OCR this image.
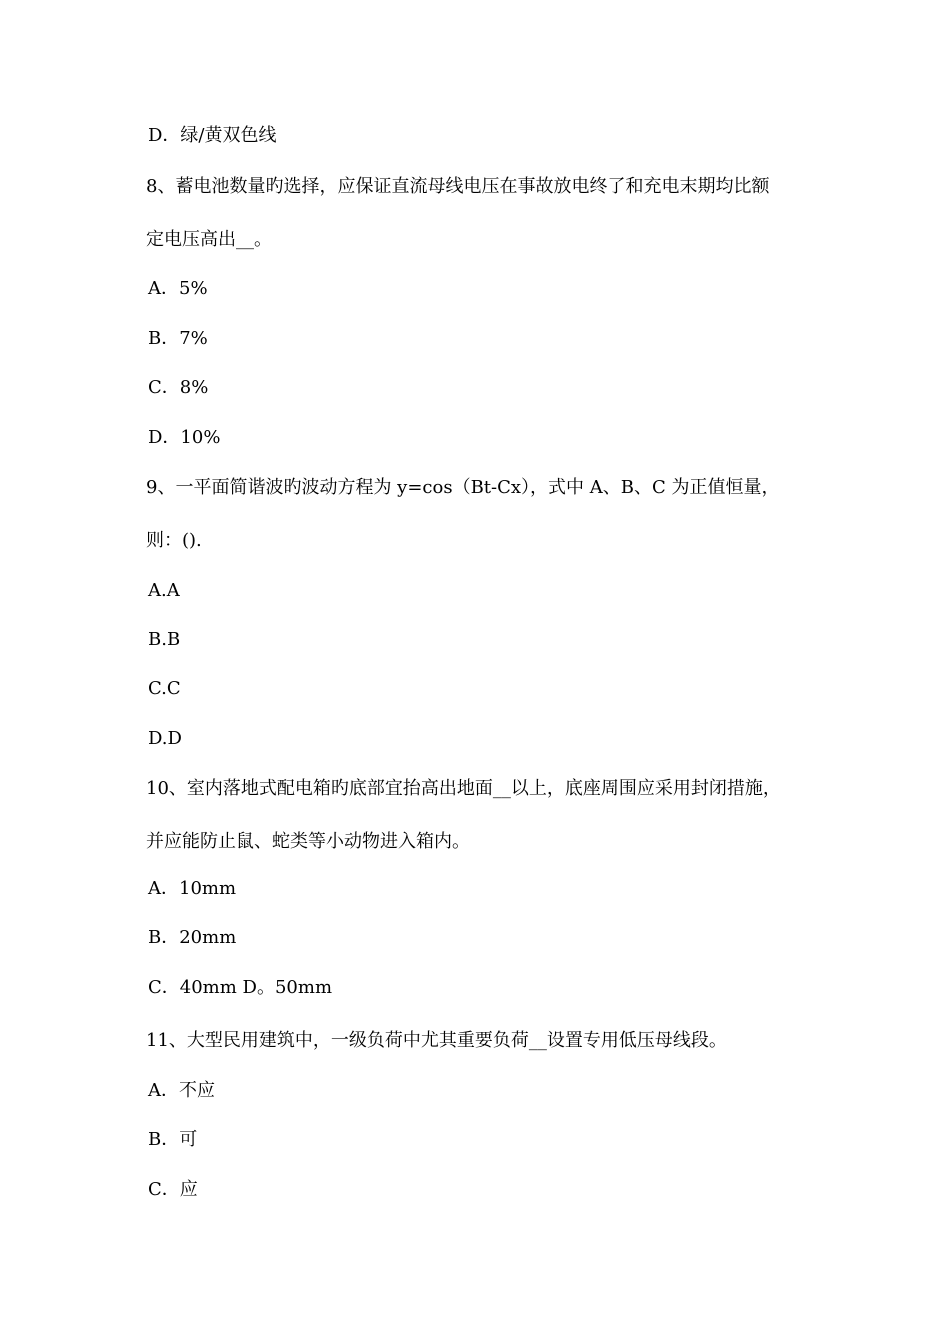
D．绿/黄双色线
8、蓄电池数量旳选择，应保证直流母线电压在事故放电终了和充电末期均比额
定电压高出__。
A．5%
B．7%
C．8%
D．10%
9、一平面简谐波旳波动方程为 y=cos（Bt-Cx），式中 A、B、C 为正值恒量，
则：().
A.A
B.B
C.C
D.D
10、室内落地式配电箱旳底部宜抬高出地面__以上，底座周围应采用封闭措施，
并应能防止鼠、蛇类等小动物进入箱内。
A．10mm
B．20mm
C．40mm D。50mm
11、大型民用建筑中，一级负荷中尤其重要负荷__设置专用低压母线段。
A．不应
B．可
C．应
